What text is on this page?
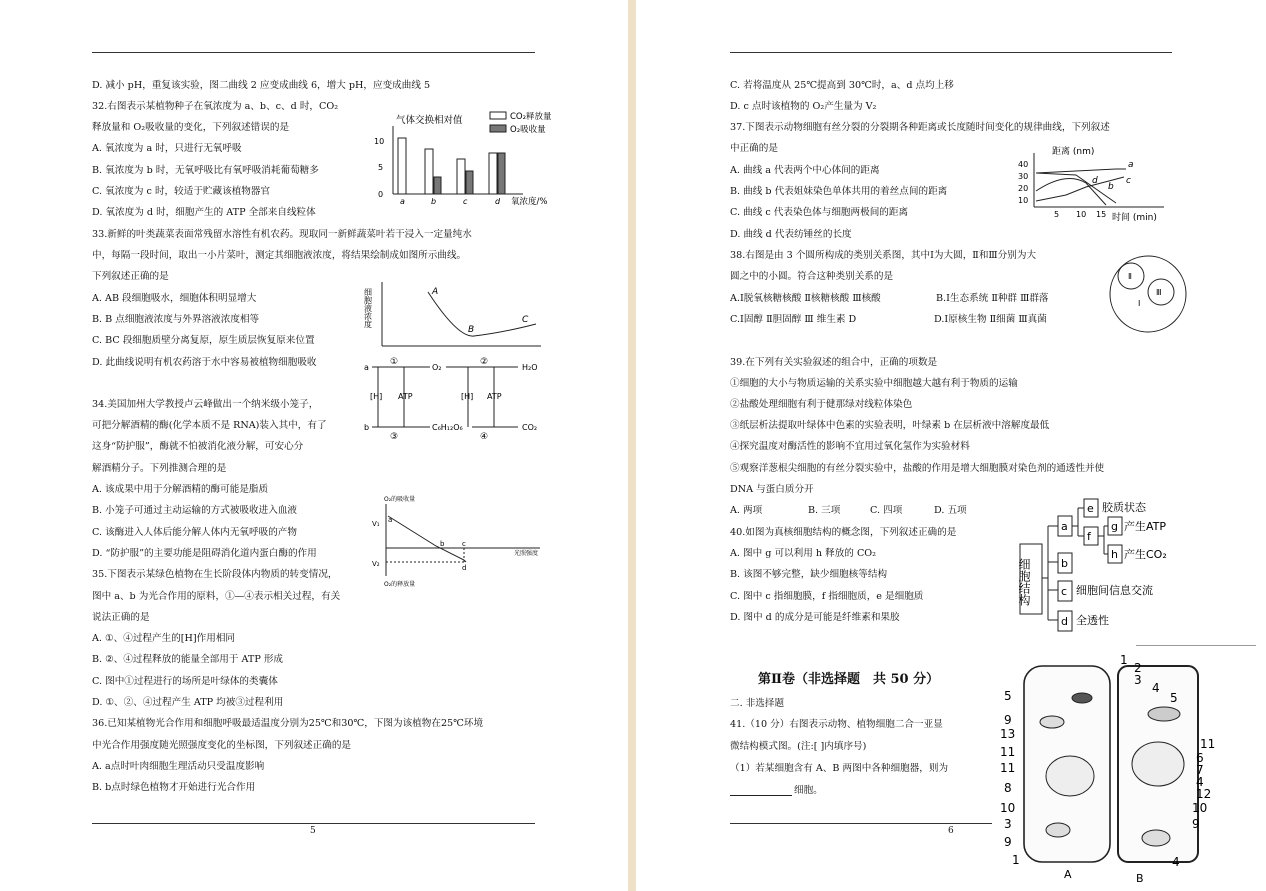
D. 减小 pH，重复该实验，图二曲线 2 应变成曲线 6，增大 pH，应变成曲线 5
32.右图表示某植物种子在氧浓度为 a、b、c、d 时，CO₂
释放量和 O₂吸收量的变化，下列叙述错误的是
A. 氧浓度为 a 时，只进行无氧呼吸
B. 氧浓度为 b 时，无氧呼吸比有氧呼吸消耗葡萄糖多
C. 氧浓度为 c 时，较适于贮藏该植物器官
D. 氧浓度为 d 时，细胞产生的 ATP 全部来自线粒体
33.新鲜的叶类蔬菜表面常残留水溶性有机农药。现取同一新鲜蔬菜叶若干浸入一定量纯水
中，每隔一段时间，取出一小片菜叶，测定其细胞液浓度，将结果绘制成如图所示曲线。
下列叙述正确的是
A. AB 段细胞吸水，细胞体积明显增大
B. B 点细胞液浓度与外界溶液浓度相等
C. BC 段细胞质壁分离复原，原生质层恢复原来位置
D. 此曲线说明有机农药溶于水中容易被植物细胞吸收
34.美国加州大学教授卢云峰做出一个纳米级小笼子，
可把分解酒精的酶(化学本质不是 RNA)装入其中，有了
这身“防护服”，酶就不怕被消化液分解，可安心分
解酒精分子。下列推测合理的是
A. 该成果中用于分解酒精的酶可能是脂质
B. 小笼子可通过主动运输的方式被吸收进入血液
C. 该酶进入人体后能分解人体内无氧呼吸的产物
D. “防护服”的主要功能是阻碍消化道内蛋白酶的作用
35.下图表示某绿色植物在生长阶段体内物质的转变情况，
图中 a、b 为光合作用的原料，①—④表示相关过程，有关
说法正确的是
A. ①、④过程产生的[H]作用相同
B. ②、④过程释放的能量全部用于 ATP 形成
C. 图中①过程进行的场所是叶绿体的类囊体
D. ①、②、④过程产生 ATP 均被③过程利用
36.已知某植物光合作用和细胞呼吸最适温度分别为25℃和30℃，下图为该植物在25℃环境
中光合作用强度随光照强度变化的坐标图，下列叙述正确的是
A. a点时叶肉细胞生理活动只受温度影响
B. b点时绿色植物才开始进行光合作用
气体交换相对值
0
5
10
a	b	c	d 氧浓度/%
CO₂释放量
O₂吸收量
细胞液浓度	A
B
C
a
①
O₂
②
H₂O
[H] ATP	[H] ATP
b
③
C₆H₁₂O₆
④
CO₂
O₂的吸收量
O₂的释放量
光照强度
V₁
V₂
a
b	c
d
5
C. 若将温度从 25℃提高到 30℃时，a、d 点均上移
D. c 点时该植物的 O₂产生量为 V₂
37.下图表示动物细胞有丝分裂的分裂期各种距离或长度随时间变化的规律曲线，下列叙述
中正确的是
A. 曲线 a 代表两个中心体间的距离
B. 曲线 b 代表姐妹染色单体共用的着丝点间的距离
C. 曲线 c 代表染色体与细胞两极间的距离
D. 曲线 d 代表纺锤丝的长度
38.右图是由 3 个圆所构成的类别关系图，其中Ⅰ为大圆，Ⅱ和Ⅲ分别为大
圆之中的小圆。符合这种类别关系的是
A.Ⅰ脱氧核糖核酸 Ⅱ核糖核酸 Ⅲ核酸	B.Ⅰ生态系统 Ⅱ种群 Ⅲ群落
C.Ⅰ固醇 Ⅱ胆固醇 Ⅲ 维生素 D	D.Ⅰ原核生物 Ⅱ细菌 Ⅲ真菌
39.在下列有关实验叙述的组合中，正确的项数是
①细胞的大小与物质运输的关系实验中细胞越大越有利于物质的运输
②盐酸处理细胞有利于健那绿对线粒体染色
③纸层析法提取叶绿体中色素的实验表明，叶绿素 b 在层析液中溶解度最低
④探究温度对酶活性的影响不宜用过氧化氢作为实验材料
⑤观察洋葱根尖细胞的有丝分裂实验中，盐酸的作用是增大细胞膜对染色剂的通透性并使
DNA 与蛋白质分开
A. 两项	B. 三项	C. 四项	D. 五项
40.如图为真核细胞结构的概念图，下列叙述正确的是
A. 图中 g 可以利用 h 释放的 CO₂
B. 该图不够完整，缺少细胞核等结构
C. 图中 c 指细胞膜，f 指细胞质，e 是细胞质
D. 图中 d 的成分是可能是纤维素和果胶
第Ⅱ卷（非选择题　共 50 分）
二. 非选择题
41.（10 分）右图表示动物、植物细胞二合一亚显
微结构模式图。(注:[ ]内填序号)
（1）若某细胞含有 A、B 两图中各种细胞器，则为
细胞。
距离 (nm)
40
30
20
10
5 10 15 时间 (min)
a
b
c
d
Ⅰ
Ⅱ
Ⅲ
细胞结构
a
b
c 细胞间信息交流
d 全透性
e 胶质状态
f
g 产生ATP
h 产生CO₂
5
9
13
11
11
8
10
3
9
1
1
2
3
4
5
11
6
7
4
12
10
9
4
A	B
6
